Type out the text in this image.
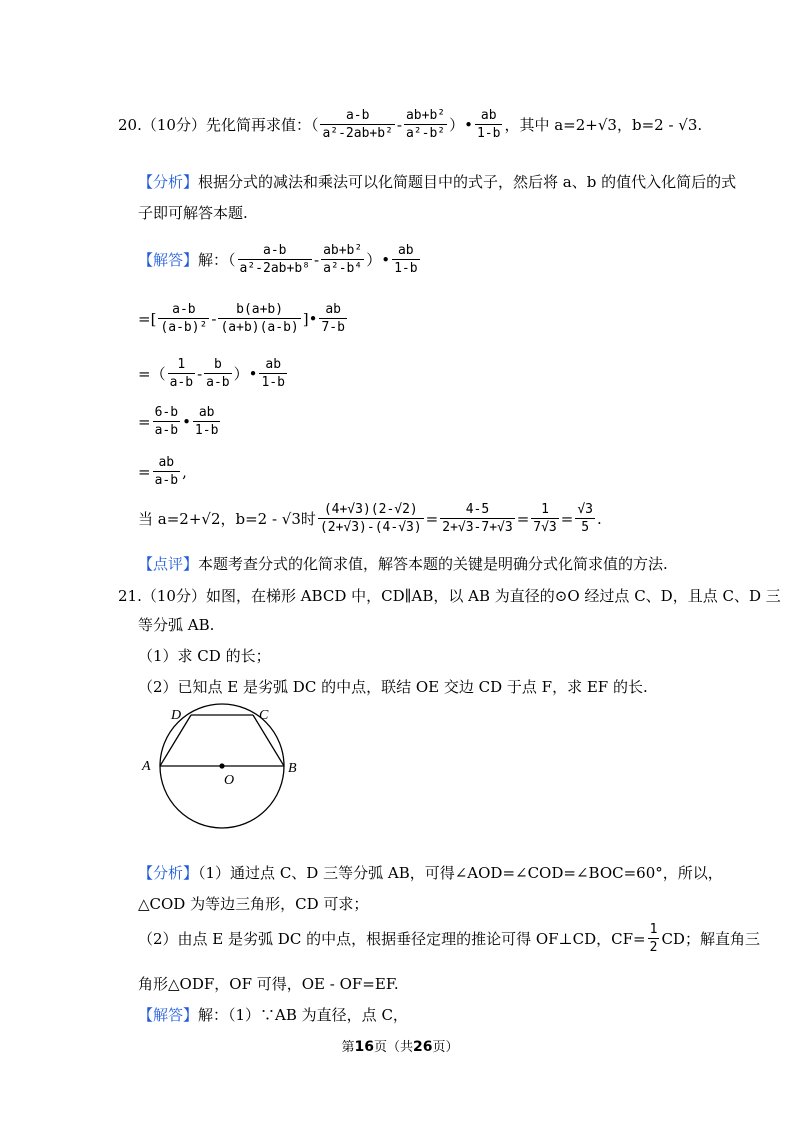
20.（10分）先化简再求值：（ $\frac{a-b}{\text{a²-2ab+b²}} - \frac{\text{ab+b²}}{\text{a²-b²}}$ ）• $\frac{ab}{1-b}$ ，其中 a=2+√3，b=2 - √3.
【分析】根据分式的减法和乘法可以化简题目中的式子，然后将 a、b 的值代入化简后的式
子即可解答本题.
【解答】 解：（ $\frac{a-b}{\text{a²-2ab+b⁸}} - \frac{\text{ab+b²}}{\text{a²-b⁴}}$ ）• $\frac{ab}{1-b}$
=[ $\frac{a-b}{\text{(a-b)²}} - \frac{b(a+b)}{(a+b)(a-b)}$ ]• $\frac{ab}{7-b}$
=（ $\frac{1}{a-b} - \frac{b}{a-b}$ ）• $\frac{ab}{1-b}$
= $\frac{6-b}{a-b}$ • $\frac{ab}{1-b}$
= $\frac{ab}{a-b}$ ,
当 a=2+√2，b=2 - √3时 $\frac{(4+√3)(2-√2)}{(2+√3)-(4-√3)} = \frac{4-5}{2+√3-7+√3} = \frac{1}{7√3} = \frac{√3}{5}$ .
【点评】本题考查分式的化简求值，解答本题的关键是明确分式化简求值的方法.
21.（10分）如图，在梯形 ABCD 中，CD∥AB，以 AB 为直径的⊙O 经过点 C、D，且点 C、D 三
等分弧 AB.
（1）求 CD 的长；
（2）已知点 E 是劣弧 DC 的中点，联结 OE 交边 CD 于点 F，求 EF 的长.
A	B
C
D
O
【分析】（1）通过点 C、D 三等分弧 AB，可得∠AOD=∠COD=∠BOC=60°，所以，
△COD 为等边三角形，CD 可求；
（2）由点 E 是劣弧 DC 的中点，根据垂径定理的推论可得 OF⊥CD，$CF= \frac{1}{2}$ CD；解直角三
角形△ODF，OF 可得，OE - OF=EF.
【解答】解：（1）∵AB 为直径，点 C，
第16页（共26页）
